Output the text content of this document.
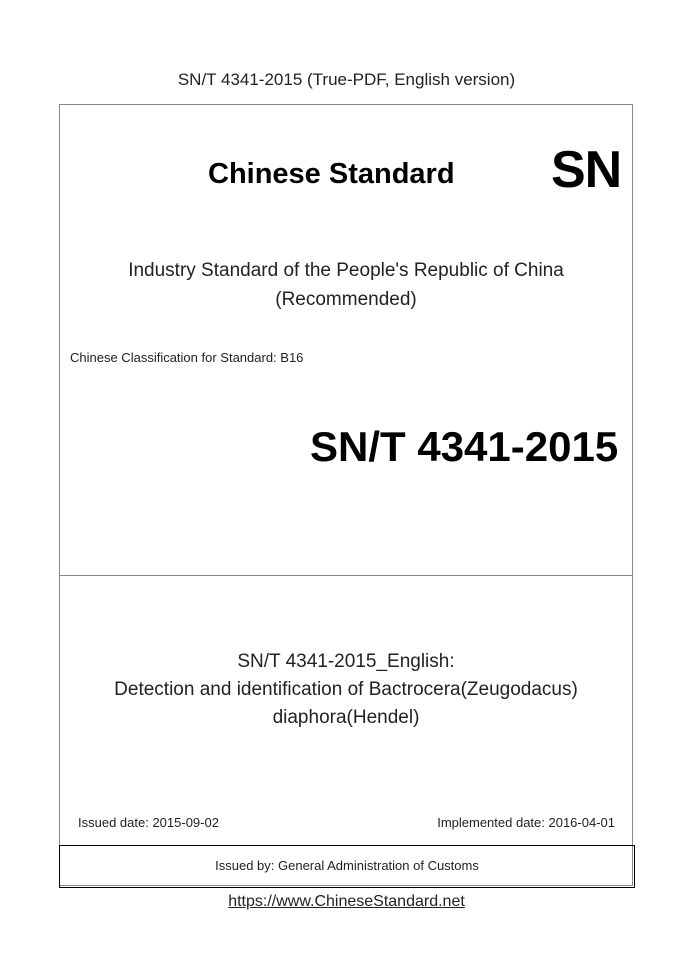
SN/T 4341-2015 (True-PDF, English version)
Chinese Standard SN
Industry Standard of the People's Republic of China
(Recommended)
Chinese Classification for Standard: B16
SN/T 4341-2015
SN/T 4341-2015_English:
Detection and identification of Bactrocera(Zeugodacus)
diaphora(Hendel)
Issued date: 2015-09-02	Implemented date: 2016-04-01
Issued by: General Administration of Customs
https://www.ChineseStandard.net
